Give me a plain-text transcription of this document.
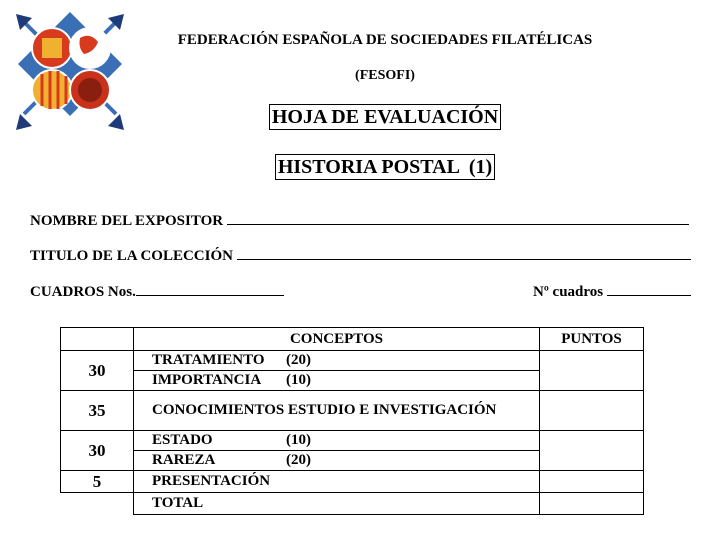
FEDERACIÓN ESPAÑOLA DE SOCIEDADES FILATÉLICAS
(FESOFI)
HOJA DE EVALUACIÓN
HISTORIA POSTAL  (1)
NOMBRE DEL EXPOSITOR
TITULO DE LA COLECCIÓN
CUADROS Nos.	Nº cuadros
	CONCEPTOS	PUNTOS
30	TRATAMIENTO (20)
IMPORTANCIA (10)	

35	CONOCIMIENTOS ESTUDIO E INVESTIGACIÓN	
30	ESTADO (10)
RAREZA (20)	

5	PRESENTACIÓN	
	TOTAL	
